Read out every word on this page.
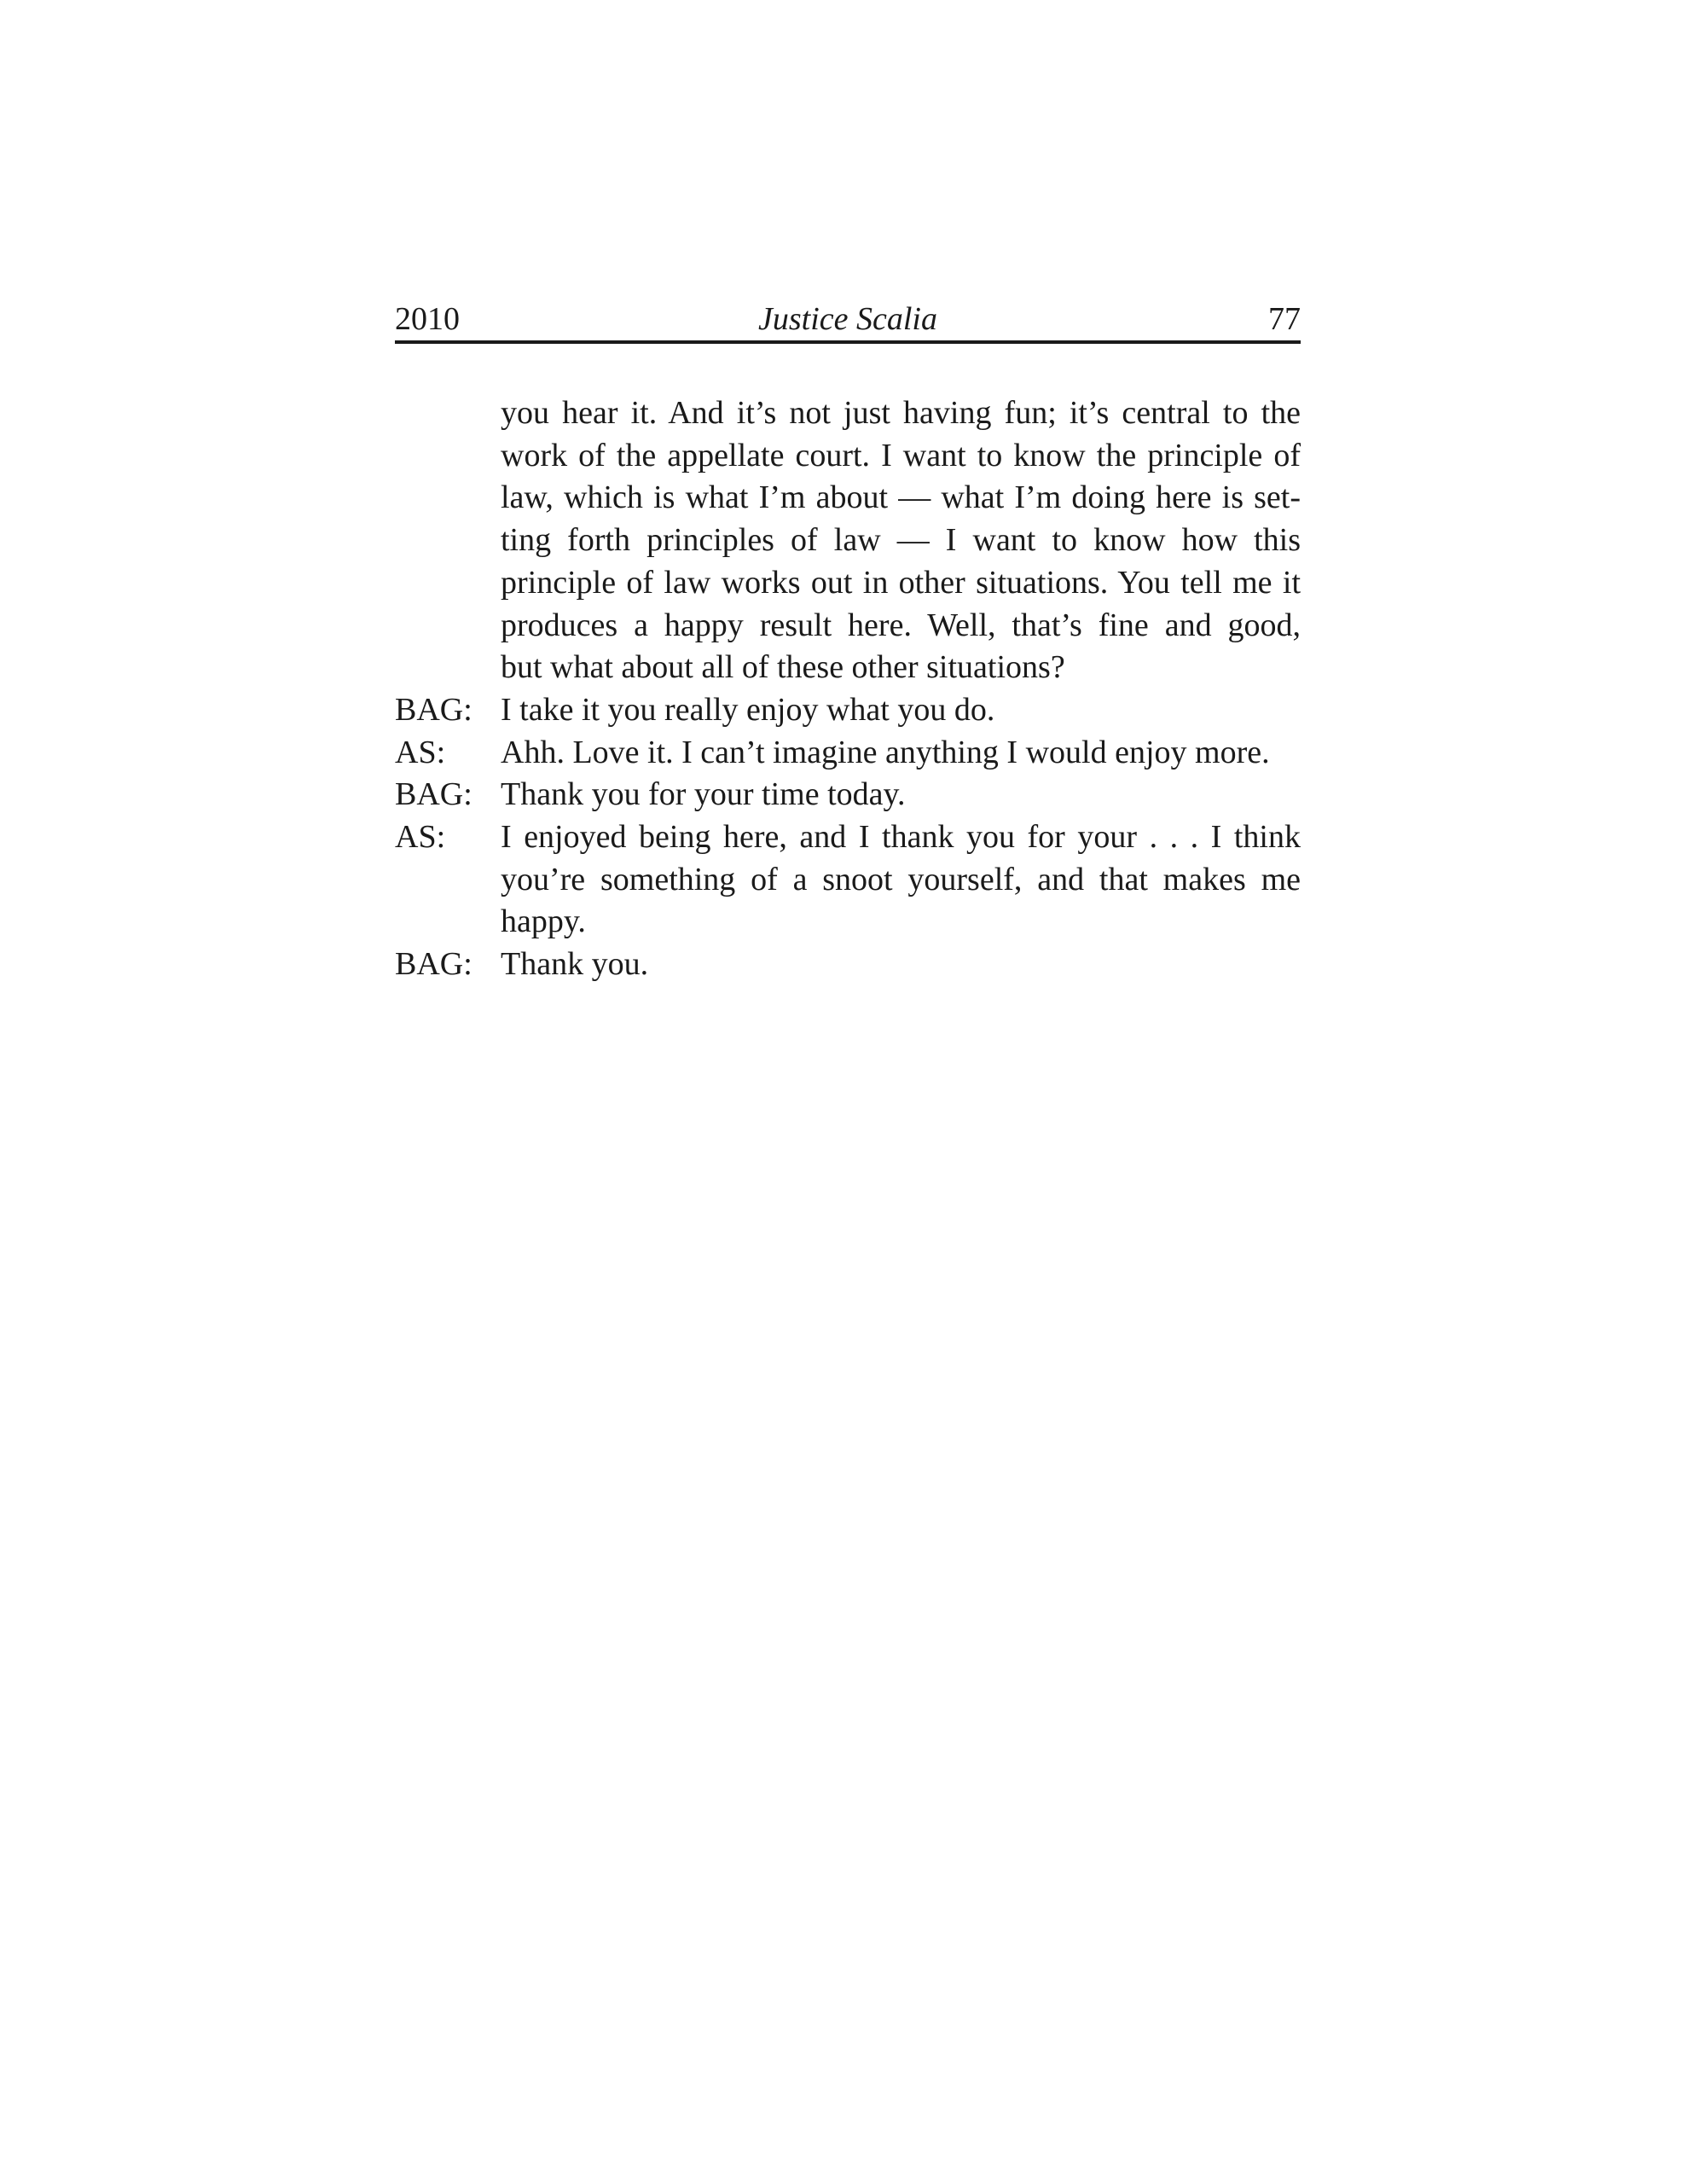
2010	Justice Scalia	77
you hear it. And it’s not just having fun; it’s central to the
work of the appellate court. I want to know the principle of
law, which is what I’m about — what I’m doing here is set-
ting forth principles of law — I want to know how this
principle of law works out in other situations. You tell me it
produces a happy result here. Well, that’s fine and good,
but what about all of these other situations?
BAG: I take it you really enjoy what you do.
AS:	Ahh. Love it. I can’t imagine anything I would enjoy more.
BAG: Thank you for your time today.
AS:	I enjoyed being here, and I thank you for your . . . I think
you’re something of a snoot yourself, and that makes me
happy.
BAG: Thank you.
